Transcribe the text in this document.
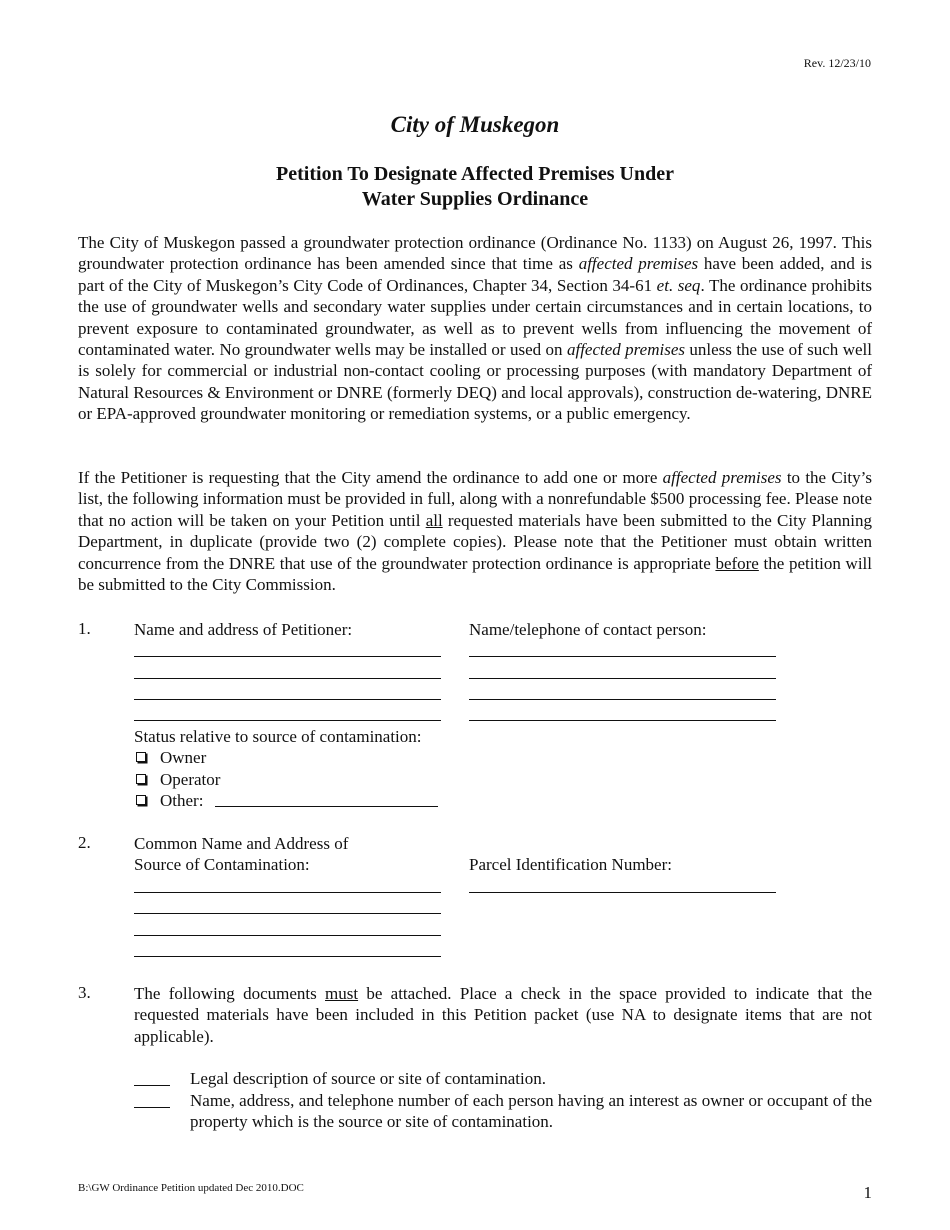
Rev. 12/23/10
City of Muskegon
Petition To Designate Affected Premises Under
Water Supplies Ordinance
The City of Muskegon passed a groundwater protection ordinance (Ordinance No. 1133) on August 26, 1997. This groundwater protection ordinance has been amended since that time as affected premises have been added, and is part of the City of Muskegon’s City Code of Ordinances, Chapter 34, Section 34-61 et. seq. The ordinance prohibits the use of groundwater wells and secondary water supplies under certain circumstances and in certain locations, to prevent exposure to contaminated groundwater, as well as to prevent wells from influencing the movement of contaminated water. No groundwater wells may be installed or used on affected premises unless the use of such well is solely for commercial or industrial non-contact cooling or processing purposes (with mandatory Department of Natural Resources & Environment or DNRE (formerly DEQ) and local approvals), construction de-watering, DNRE or EPA-approved groundwater monitoring or remediation systems, or a public emergency.
If the Petitioner is requesting that the City amend the ordinance to add one or more affected premises to the City’s list, the following information must be provided in full, along with a nonrefundable $500 processing fee. Please note that no action will be taken on your Petition until all requested materials have been submitted to the City Planning Department, in duplicate (provide two (2) complete copies). Please note that the Petitioner must obtain written concurrence from the DNRE that use of the groundwater protection ordinance is appropriate before the petition will be submitted to the City Commission.
1.	Name and address of Petitioner:	Name/telephone of contact person:
Status relative to source of contamination:
Owner
Operator
Other:
2.	Common Name and Address of
Source of Contamination:	Parcel Identification Number:
3.	The following documents must be attached. Place a check in the space provided to indicate that the requested materials have been included in this Petition packet (use NA to designate items that are not applicable).
Legal description of source or site of contamination.
Name, address, and telephone number of each person having an interest as owner or occupant of the property which is the source or site of contamination.
B:\GW Ordinance Petition updated Dec 2010.DOC	1
